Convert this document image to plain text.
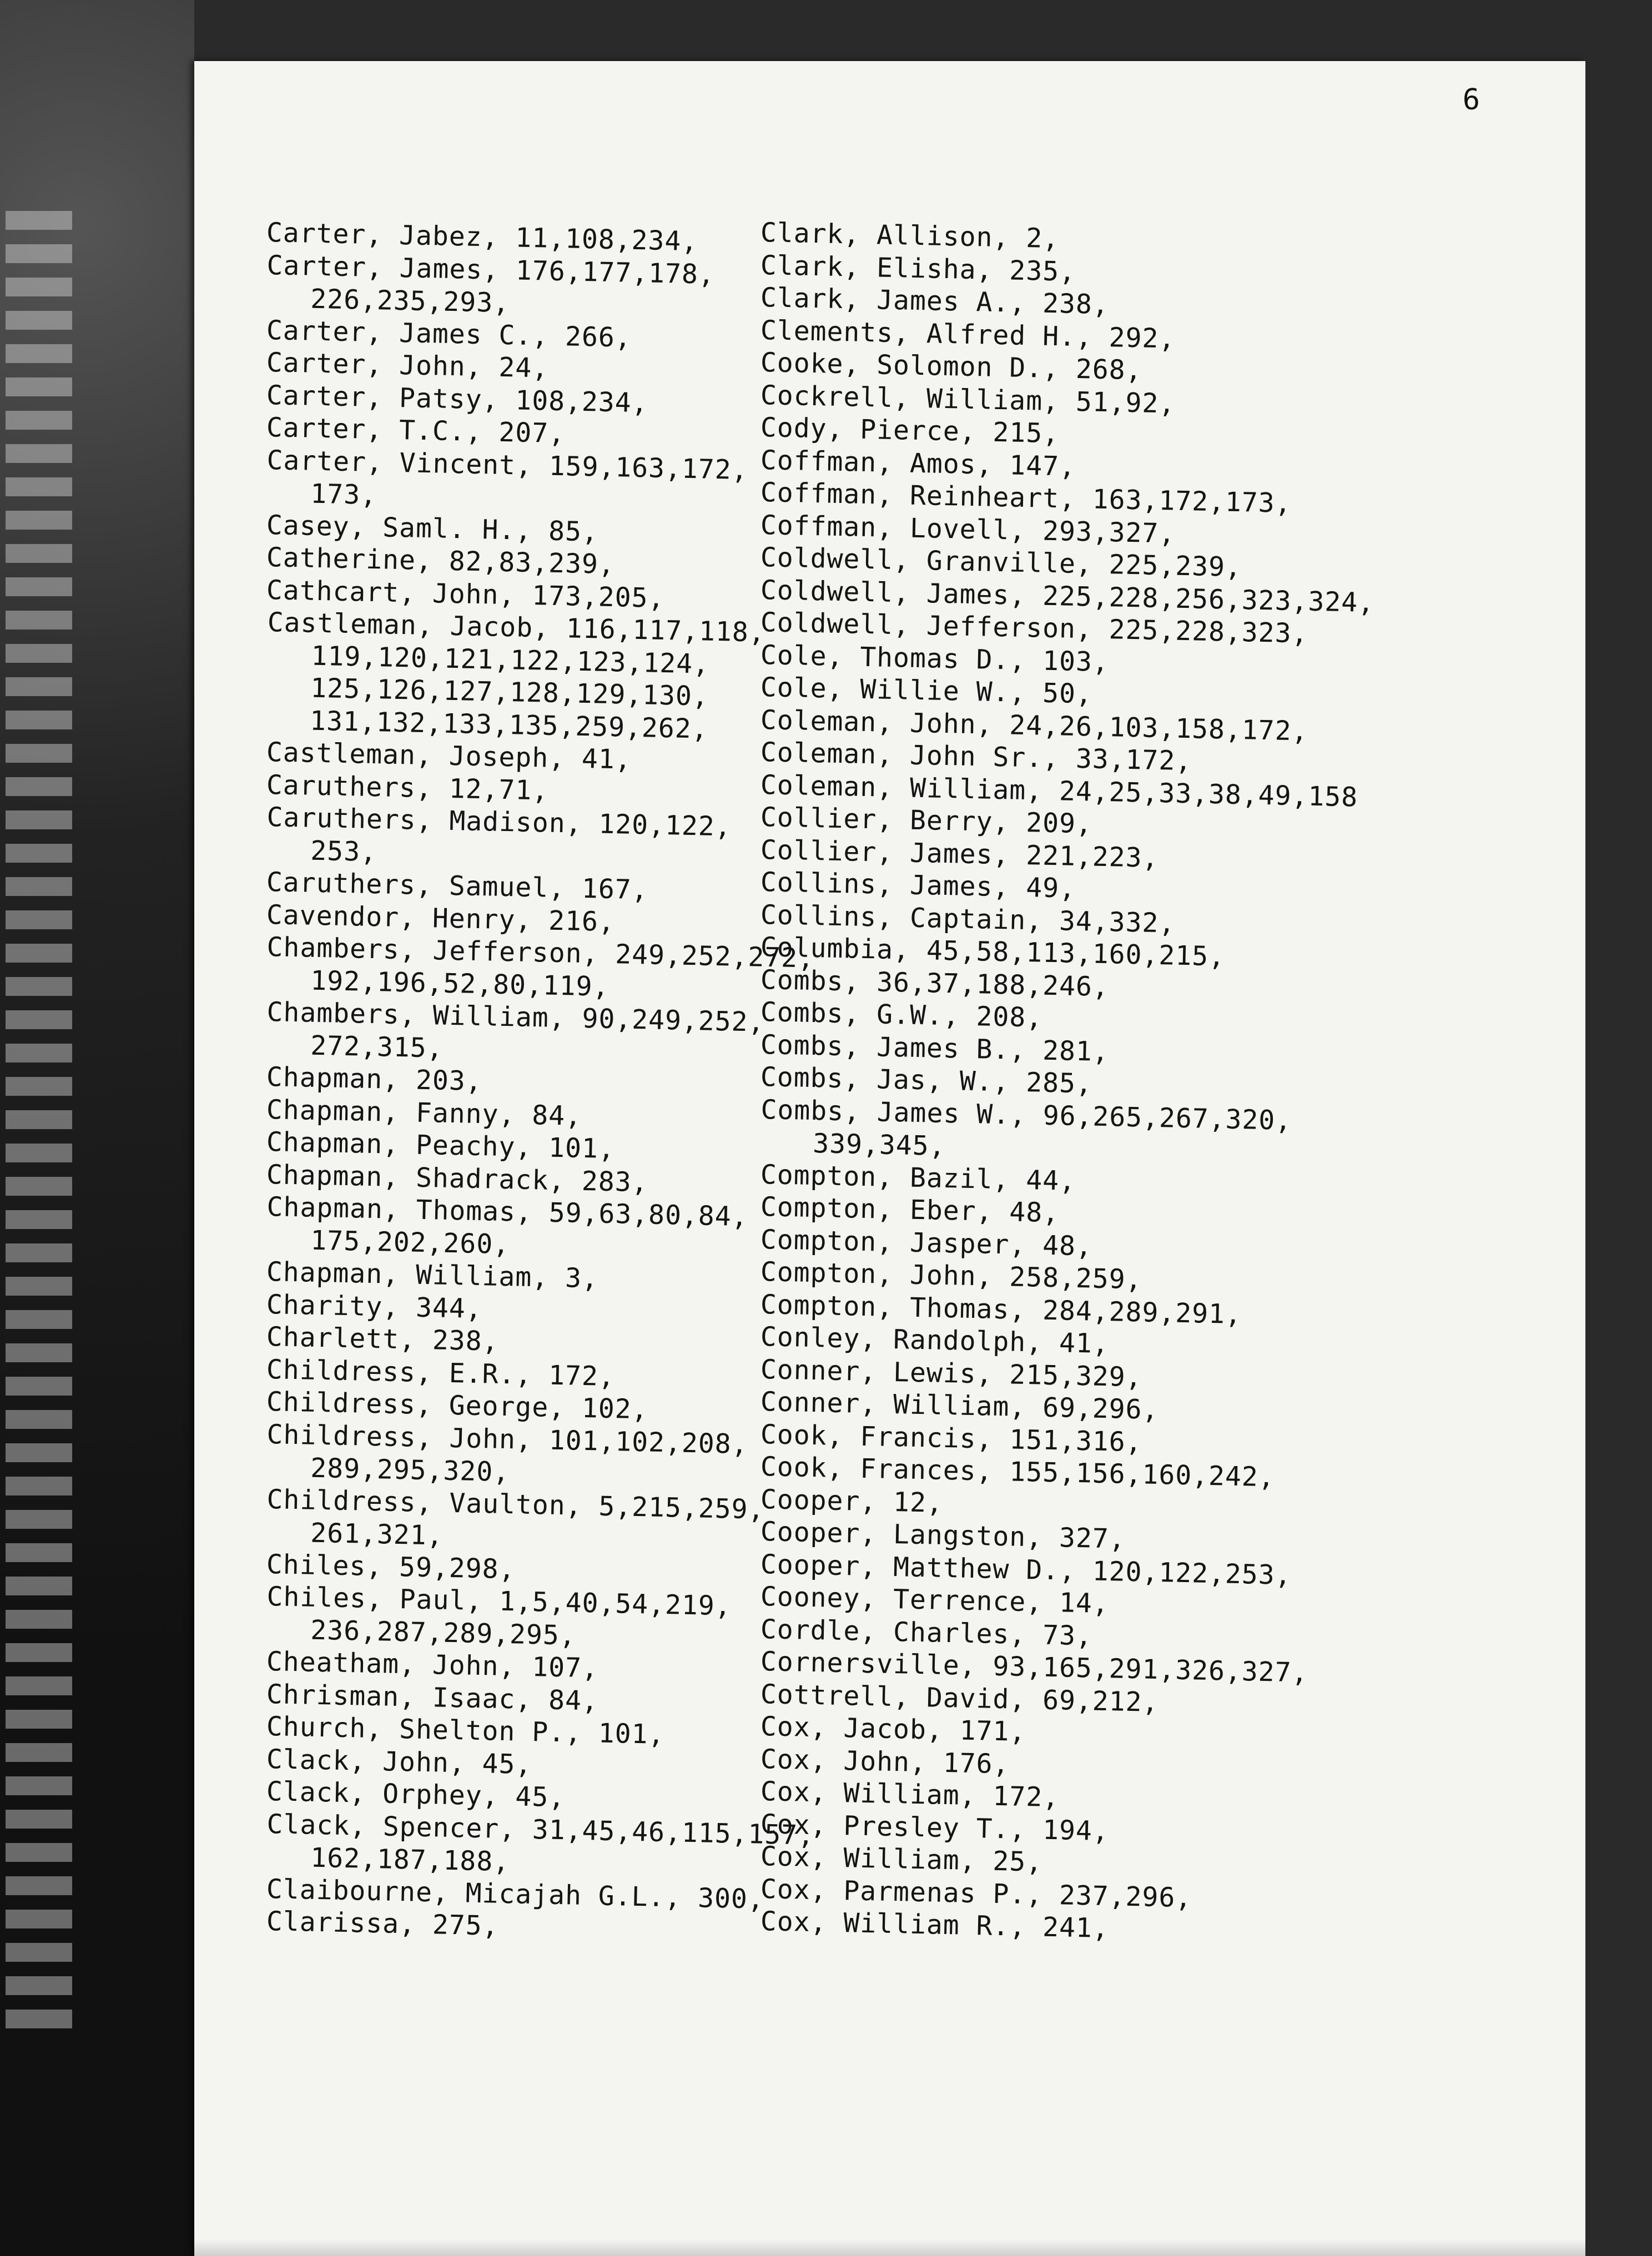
6
Carter, Jabez, 11,108,234,
Carter, James, 176,177,178,
226,235,293,
Carter, James C., 266,
Carter, John, 24,
Carter, Patsy, 108,234,
Carter, T.C., 207,
Carter, Vincent, 159,163,172,
173,
Casey, Saml. H., 85,
Catherine, 82,83,239,
Cathcart, John, 173,205,
Castleman, Jacob, 116,117,118,
119,120,121,122,123,124,
125,126,127,128,129,130,
131,132,133,135,259,262,
Castleman, Joseph, 41,
Caruthers, 12,71,
Caruthers, Madison, 120,122,
253,
Caruthers, Samuel, 167,
Cavendor, Henry, 216,
Chambers, Jefferson, 249,252,272,
192,196,52,80,119,
Chambers, William, 90,249,252,
272,315,
Chapman, 203,
Chapman, Fanny, 84,
Chapman, Peachy, 101,
Chapman, Shadrack, 283,
Chapman, Thomas, 59,63,80,84,
175,202,260,
Chapman, William, 3,
Charity, 344,
Charlett, 238,
Childress, E.R., 172,
Childress, George, 102,
Childress, John, 101,102,208,
289,295,320,
Childress, Vaulton, 5,215,259,
261,321,
Chiles, 59,298,
Chiles, Paul, 1,5,40,54,219,
236,287,289,295,
Cheatham, John, 107,
Chrisman, Isaac, 84,
Church, Shelton P., 101,
Clack, John, 45,
Clack, Orphey, 45,
Clack, Spencer, 31,45,46,115,157,
162,187,188,
Claibourne, Micajah G.L., 300,
Clarissa, 275,
Clark, Allison, 2,
Clark, Elisha, 235,
Clark, James A., 238,
Clements, Alfred H., 292,
Cooke, Solomon D., 268,
Cockrell, William, 51,92,
Cody, Pierce, 215,
Coffman, Amos, 147,
Coffman, Reinheart, 163,172,173,
Coffman, Lovell, 293,327,
Coldwell, Granville, 225,239,
Coldwell, James, 225,228,256,323,324,
Coldwell, Jefferson, 225,228,323,
Cole, Thomas D., 103,
Cole, Willie W., 50,
Coleman, John, 24,26,103,158,172,
Coleman, John Sr., 33,172,
Coleman, William, 24,25,33,38,49,158
Collier, Berry, 209,
Collier, James, 221,223,
Collins, James, 49,
Collins, Captain, 34,332,
Columbia, 45,58,113,160,215,
Combs, 36,37,188,246,
Combs, G.W., 208,
Combs, James B., 281,
Combs, Jas, W., 285,
Combs, James W., 96,265,267,320,
339,345,
Compton, Bazil, 44,
Compton, Eber, 48,
Compton, Jasper, 48,
Compton, John, 258,259,
Compton, Thomas, 284,289,291,
Conley, Randolph, 41,
Conner, Lewis, 215,329,
Conner, William, 69,296,
Cook, Francis, 151,316,
Cook, Frances, 155,156,160,242,
Cooper, 12,
Cooper, Langston, 327,
Cooper, Matthew D., 120,122,253,
Cooney, Terrence, 14,
Cordle, Charles, 73,
Cornersville, 93,165,291,326,327,
Cottrell, David, 69,212,
Cox, Jacob, 171,
Cox, John, 176,
Cox, William, 172,
Cox, Presley T., 194,
Cox, William, 25,
Cox, Parmenas P., 237,296,
Cox, William R., 241,
